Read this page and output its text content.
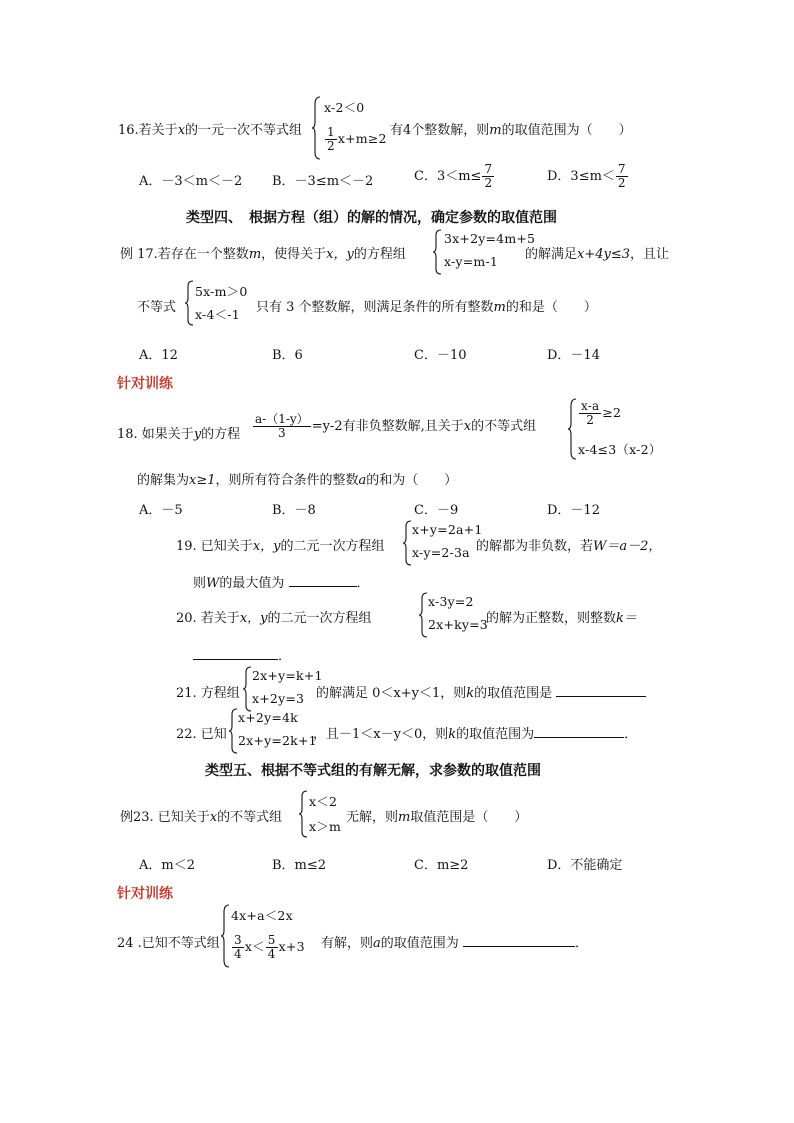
16.若关于x的一元一次不等式组
x-2＜0
$\frac{1}{2} x+m\ge 2$
有4个整数解，则m的取值范围为（　　）
A．－3＜m＜－2 B．－3≤m＜－2	C．$3<m\le \frac{7}{2}$	D．$3\le m< \frac{7}{2}$
类型四、　根据方程（组）的解的情况，确定参数的取值范围
例 17.若存在一个整数m，使得关于x，y的方程组
3x+2y=4m+5
x-y=m-1 的解满足x+4y≤3，且让
不等式
5x-m＞0
x-4＜-1 只有 3 个整数解，则满足条件的所有整数m的和是（　　）
A．12	B．6	C．－10	D．－14
针对训练
18. 如果关于y的方程 $\frac{a-(1-y)}{3} =y-2$有非负整数解,且关于x的不等式组	$\frac{x-a}{2} \ge 2$
x-4≤3（x-2）
的解集为x≥1，则所有符合条件的整数a的和为（　　）
A．－5	B．－8	C．－9	D．－12
19. 已知关于x，y的二元一次方程组
x+y=2a+1
x-y=2-3a 的解都为非负数，若W＝a－2，
则W的最大值为	．
20. 若关于x，y的二元一次方程组
x-3y=2
2x+ky=3
的解为正整数，则整数k＝
．
21. 方程组
2x+y=k+1
x+2y=3 的解满足 0＜x+y＜1，则k的取值范围是
22. 已知
x+2y=4k
2x+y=2k+1
，且－1＜x－y＜0，则k的取值范围为	．
类型五、根据不等式组的有解无解，求参数的取值范围
例23. 已知关于x的不等式组
x＜2
x＞m
无解，则m取值范围是（　　）
A．m＜2	B．m≤2	C．m≥2	D．不能确定
针对训练
24 .已知不等式组
4x+a＜2x
$\frac{3}{4} x< \frac{5}{4} x+3$ 有解，则a的取值范围为	．
